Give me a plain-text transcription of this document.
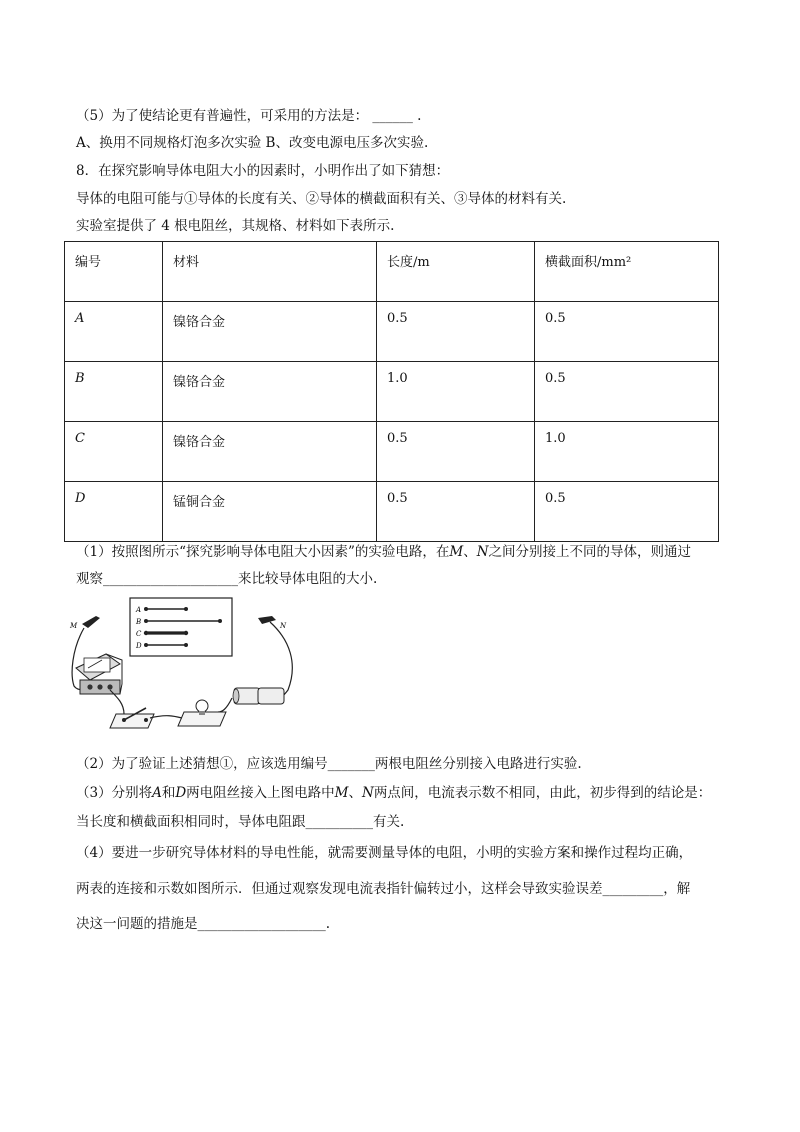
（5）为了使结论更有普遍性，可采用的方法是： ______ .
A、换用不同规格灯泡多次实验 B、改变电源电压多次实验.
8．在探究影响导体电阻大小的因素时，小明作出了如下猜想：
导体的电阻可能与①导体的长度有关、②导体的横截面积有关、③导体的材料有关.
实验室提供了 4 根电阻丝，其规格、材料如下表所示.
编号	材料	长度/m	横截面积/mm²
A	镍铬合金	0.5	0.5
B	镍铬合金	1.0	0.5
C	镍铬合金	0.5	1.0
D	锰铜合金	0.5	0.5
（1）按照图所示“探究影响导体电阻大小因素”的实验电路，在M、N之间分别接上不同的导体，则通过
观察____________________来比较导体电阻的大小.
M
A
B
C
D
N
（2）为了验证上述猜想①，应该选用编号_______两根电阻丝分别接入电路进行实验.
（3）分别将A和D两电阻丝接入上图电路中M、N两点间，电流表示数不相同，由此，初步得到的结论是：
当长度和横截面积相同时，导体电阻跟__________有关.
（4）要进一步研究导体材料的导电性能，就需要测量导体的电阻，小明的实验方案和操作过程均正确，
两表的连接和示数如图所示．但通过观察发现电流表指针偏转过小，这样会导致实验误差_________，解
决这一问题的措施是___________________.
